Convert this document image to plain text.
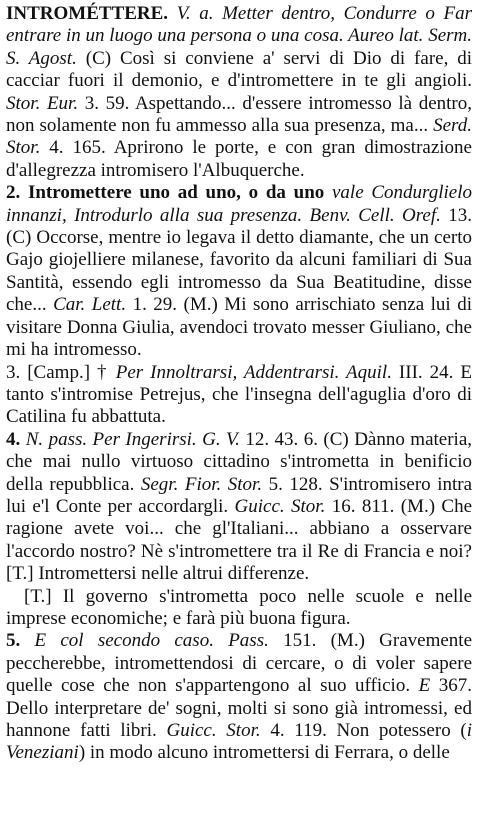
INTROMÉTTERE. V. a. Metter dentro, Condurre o Far entrare in un luogo una persona o una cosa. Aureo lat. Serm. S. Agost. (C) Così si conviene a' servi di Dio di fare, di cacciar fuori il demonio, e d'intromettere in te gli angioli. Stor. Eur. 3. 59. Aspettando... d'essere intromesso là dentro, non solamente non fu ammesso alla sua presenza, ma... Serd. Stor. 4. 165. Aprirono le porte, e con gran dimostrazione d'allegrezza intromisero l'Albuquerche.

2. Intromettere uno ad uno, o da uno vale Condurglielo innanzi, Introdurlo alla sua presenza. Benv. Cell. Oref. 13. (C) Occorse, mentre io legava il detto diamante, che un certo Gajo giojelliere milanese, favorito da alcuni familiari di Sua Santità, essendo egli intromesso da Sua Beatitudine, disse che... Car. Lett. 1. 29. (M.) Mi sono arrischiato senza lui di visitare Donna Giulia, avendoci trovato messer Giuliano, che mi ha intromesso.

3. [Camp.] † Per Innoltrarsi, Addentrarsi. Aquil. III. 24. E tanto s'intromise Petrejus, che l'insegna dell'aguglia d'oro di Catilina fu abbattuta.

4. N. pass. Per Ingerirsi. G. V. 12. 43. 6. (C) Dànno materia, che mai nullo virtuoso cittadino s'intrometta in benificio della repubblica. Segr. Fior. Stor. 5. 128. S'intromisero intra lui e'l Conte per accordargli. Guicc. Stor. 16. 811. (M.) Che ragione avete voi... che gl'Italiani... abbiano a osservare l'accordo nostro? Nè s'intromettere tra il Re di Francia e noi? [T.] Intromettersi nelle altrui differenze.

[T.] Il governo s'intrometta poco nelle scuole e nelle imprese economiche; e farà più buona figura.

5. E col secondo caso. Pass. 151. (M.) Gravemente peccherebbe, intromettendosi di cercare, o di voler sapere quelle cose che non s'appartengono al suo ufficio. E 367. Dello interpretare de' sogni, molti si sono già intromessi, ed hannone fatti libri. Guicc. Stor. 4. 119. Non potessero (i Veneziani) in modo alcuno intromettersi di Ferrara, o delle
